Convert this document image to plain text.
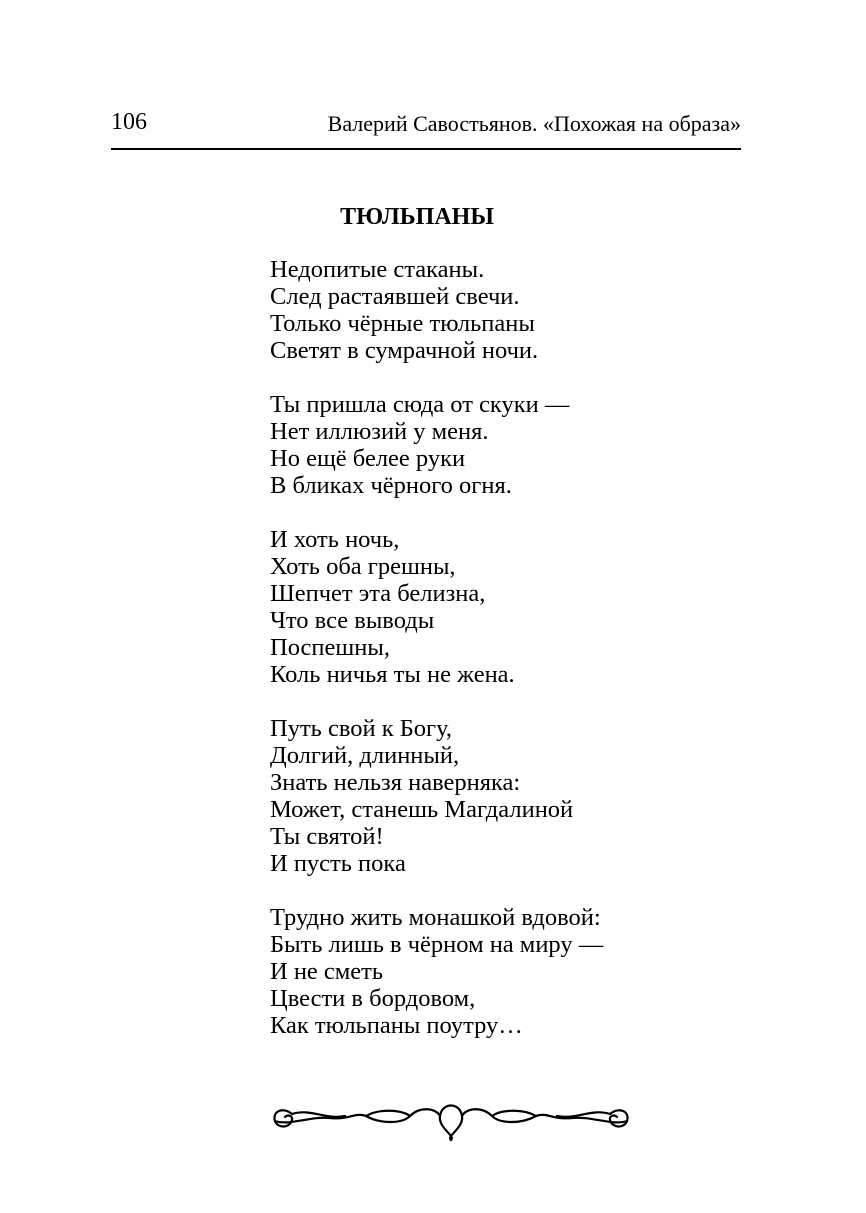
106	Валерий Савостьянов. «Похожая на образа»
ТЮЛЬПАНЫ
Недопитые стаканы.
След растаявшей свечи.
Только чёрные тюльпаны
Светят в сумрачной ночи.
Ты пришла сюда от скуки —
Нет иллюзий у меня.
Но ещё белее руки
В бликах чёрного огня.
И хоть ночь,
Хоть оба грешны,
Шепчет эта белизна,
Что все выводы
Поспешны,
Коль ничья ты не жена.
Путь свой к Богу,
Долгий, длинный,
Знать нельзя наверняка:
Может, станешь Магдалиной
Ты святой!
И пусть пока
Трудно жить монашкой вдовой:
Быть лишь в чёрном на миру —
И не сметь
Цвести в бордовом,
Как тюльпаны поутру…
